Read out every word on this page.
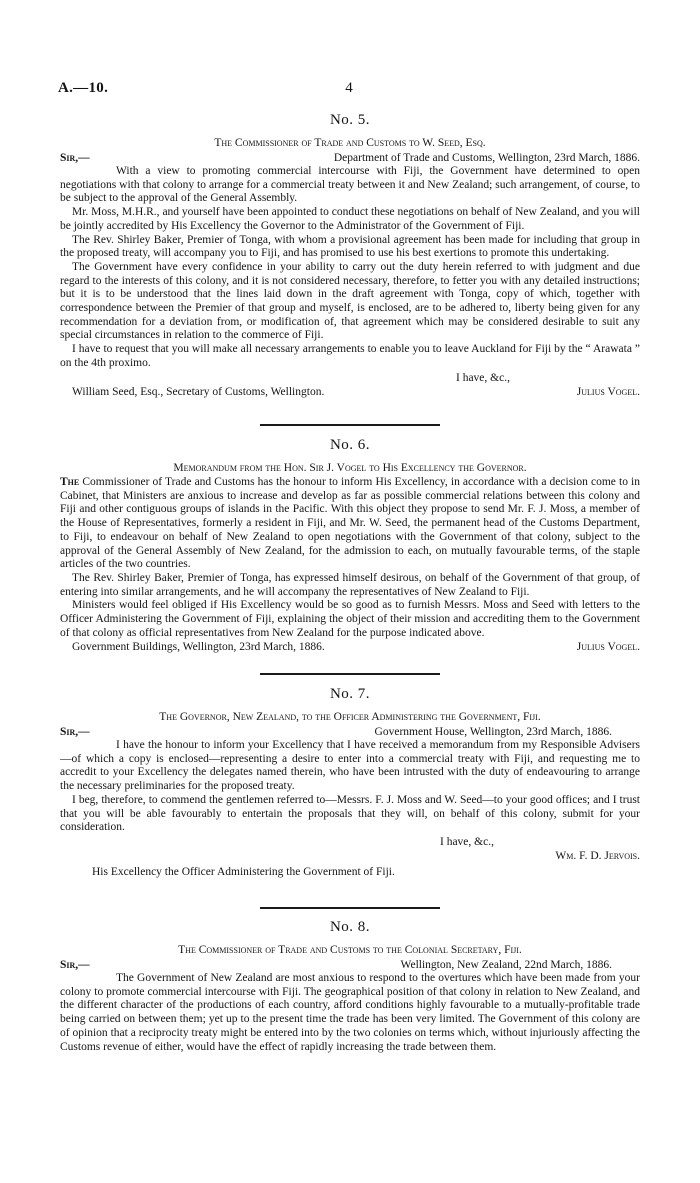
A.—10.	4
No. 5.
The Commissioner of Trade and Customs to W. Seed, Esq.
Sir,—	Department of Trade and Customs, Wellington, 23rd March, 1886.

With a view to promoting commercial intercourse with Fiji, the Government have determined to open negotiations with that colony to arrange for a commercial treaty between it and New Zealand; such arrangement, of course, to be subject to the approval of the General Assembly.

Mr. Moss, M.H.R., and yourself have been appointed to conduct these negotiations on behalf of New Zealand, and you will be jointly accredited by His Excellency the Governor to the Administrator of the Government of Fiji.

The Rev. Shirley Baker, Premier of Tonga, with whom a provisional agreement has been made for including that group in the proposed treaty, will accompany you to Fiji, and has promised to use his best exertions to promote this undertaking.

The Government have every confidence in your ability to carry out the duty herein referred to with judgment and due regard to the interests of this colony, and it is not considered necessary, therefore, to fetter you with any detailed instructions; but it is to be understood that the lines laid down in the draft agreement with Tonga, copy of which, together with correspondence between the Premier of that group and myself, is enclosed, are to be adhered to, liberty being given for any recommendation for a deviation from, or modification of, that agreement which may be considered desirable to suit any special circumstances in relation to the commerce of Fiji.

I have to request that you will make all necessary arrangements to enable you to leave Auckland for Fiji by the “ Arawata ” on the 4th proximo.

I have, &c.,
William Seed, Esq., Secretary of Customs, Wellington.	Julius Vogel.
No. 6.
Memorandum from the Hon. Sir J. Vogel to His Excellency the Governor.

The Commissioner of Trade and Customs has the honour to inform His Excellency, in accordance with a decision come to in Cabinet, that Ministers are anxious to increase and develop as far as possible commercial relations between this colony and Fiji and other contiguous groups of islands in the Pacific. With this object they propose to send Mr. F. J. Moss, a member of the House of Representatives, formerly a resident in Fiji, and Mr. W. Seed, the permanent head of the Customs Department, to Fiji, to endeavour on behalf of New Zealand to open negotiations with the Government of that colony, subject to the approval of the General Assembly of New Zealand, for the admission to each, on mutually favourable terms, of the staple articles of the two countries.

The Rev. Shirley Baker, Premier of Tonga, has expressed himself desirous, on behalf of the Government of that group, of entering into similar arrangements, and he will accompany the representatives of New Zealand to Fiji.

Ministers would feel obliged if His Excellency would be so good as to furnish Messrs. Moss and Seed with letters to the Officer Administering the Government of Fiji, explaining the object of their mission and accrediting them to the Government of that colony as official representatives from New Zealand for the purpose indicated above.

Government Buildings, Wellington, 23rd March, 1886.	Julius Vogel.
No. 7.
The Governor, New Zealand, to the Officer Administering the Government, Fiji.
Sir,—	Government House, Wellington, 23rd March, 1886.

I have the honour to inform your Excellency that I have received a memorandum from my Responsible Advisers—of which a copy is enclosed—representing a desire to enter into a commercial treaty with Fiji, and requesting me to accredit to your Excellency the delegates named therein, who have been intrusted with the duty of endeavouring to arrange the necessary preliminaries for the proposed treaty.

I beg, therefore, to commend the gentlemen referred to—Messrs. F. J. Moss and W. Seed—to your good offices; and I trust that you will be able favourably to entertain the proposals that they will, on behalf of this colony, submit for your consideration.

I have, &c.,
Wm. F. D. Jervois.
His Excellency the Officer Administering the Government of Fiji.
No. 8.
The Commissioner of Trade and Customs to the Colonial Secretary, Fiji.
Sir,—	Wellington, New Zealand, 22nd March, 1886.

The Government of New Zealand are most anxious to respond to the overtures which have been made from your colony to promote commercial intercourse with Fiji. The geographical position of that colony in relation to New Zealand, and the different character of the productions of each country, afford conditions highly favourable to a mutually-profitable trade being carried on between them; yet up to the present time the trade has been very limited. The Government of this colony are of opinion that a reciprocity treaty might be entered into by the two colonies on terms which, without injuriously affecting the Customs revenue of either, would have the effect of rapidly increasing the trade between them.
